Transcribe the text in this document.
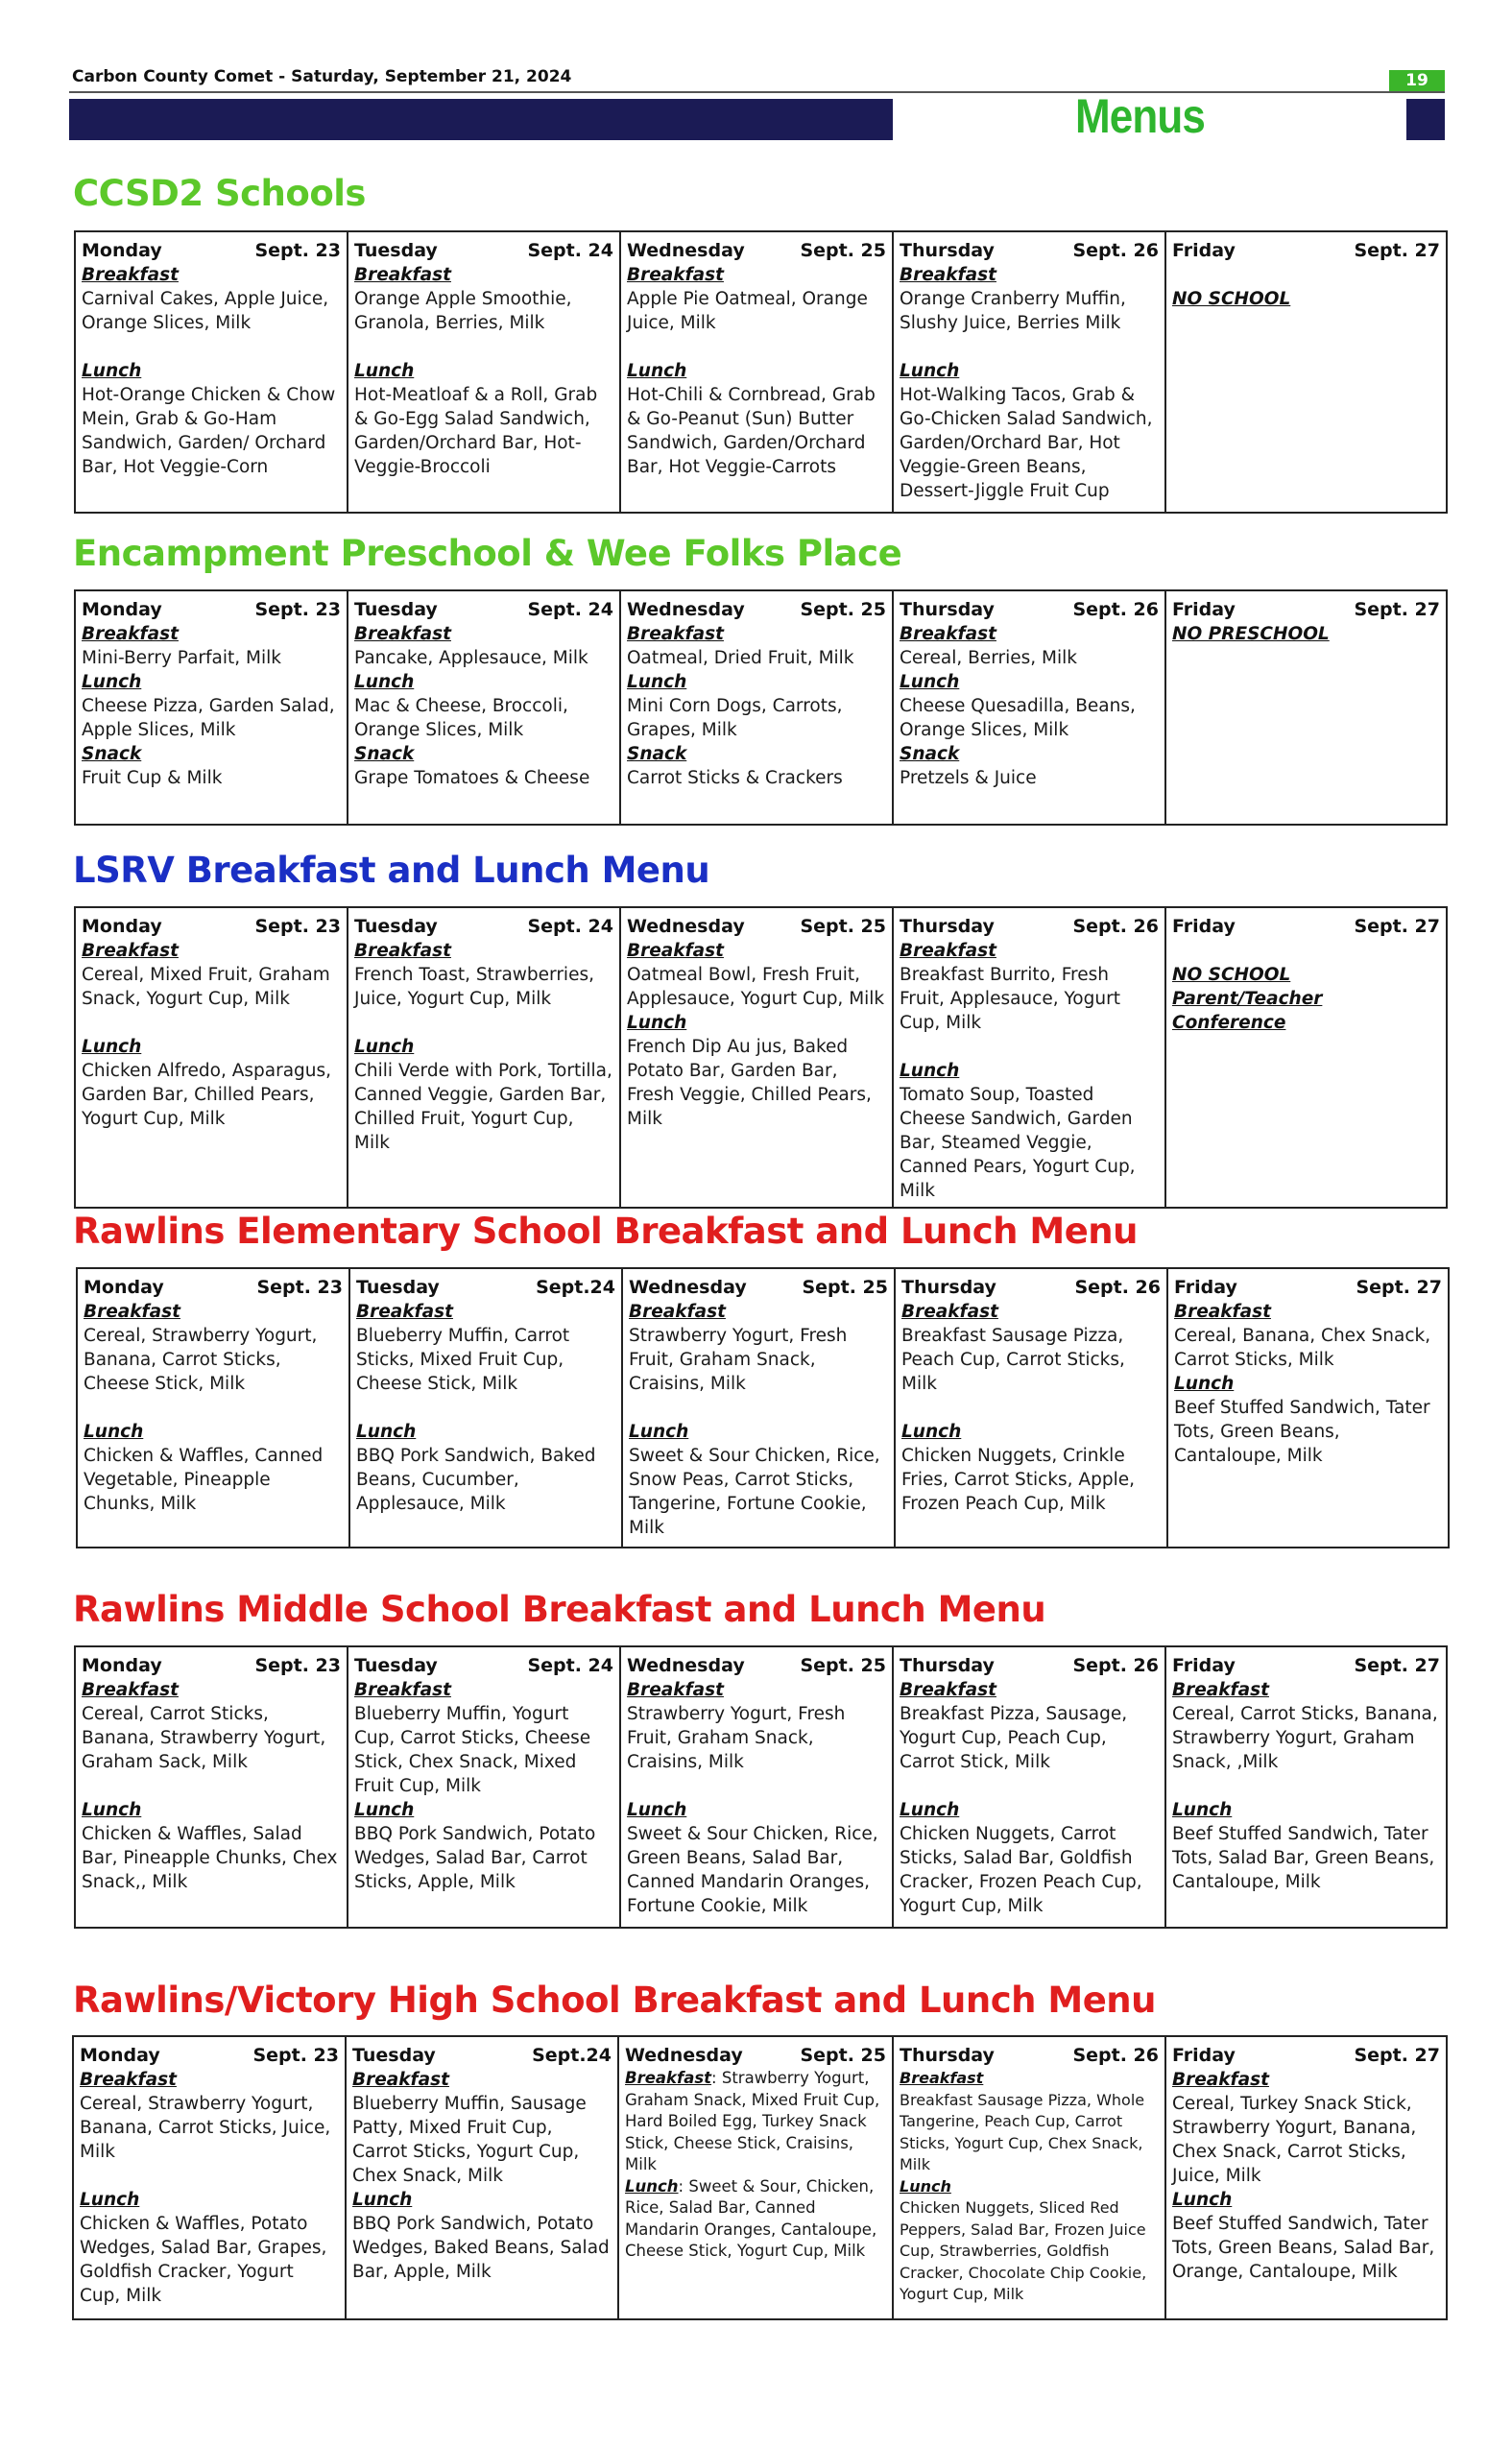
Carbon County Comet - Saturday, September 21, 2024	19
Menus
CCSD2 Schools
Monday	Sept. 23
Breakfast
Carnival Cakes, Apple Juice, Orange Slices, Milk
Lunch
Hot-Orange Chicken & Chow Mein, Grab & Go-Ham Sandwich, Garden/ Orchard Bar, Hot Veggie-Corn

Tuesday	Sept. 24
Breakfast
Orange Apple Smoothie, Granola, Berries, Milk
Lunch
Hot-Meatloaf & a Roll, Grab & Go-Egg Salad Sandwich, Garden/Orchard Bar, Hot-Veggie-Broccoli

Wednesday	Sept. 25
Breakfast
Apple Pie Oatmeal, Orange Juice, Milk
Lunch
Hot-Chili & Cornbread, Grab & Go-Peanut (Sun) Butter Sandwich, Garden/Orchard Bar, Hot Veggie-Carrots

Thursday	Sept. 26
Breakfast
Orange Cranberry Muffin, Slushy Juice, Berries Milk
Lunch
Hot-Walking Tacos, Grab & Go-Chicken Salad Sandwich, Garden/Orchard Bar, Hot Veggie-Green Beans, Dessert-Jiggle Fruit Cup

Friday	Sept. 27
NO SCHOOL
Encampment Preschool & Wee Folks Place
Monday	Sept. 23
Breakfast
Mini-Berry Parfait, Milk
Lunch
Cheese Pizza, Garden Salad, Apple Slices, Milk
Snack
Fruit Cup & Milk

Tuesday	Sept. 24
Breakfast
Pancake, Applesauce, Milk
Lunch
Mac & Cheese, Broccoli, Orange Slices, Milk
Snack
Grape Tomatoes & Cheese

Wednesday	Sept. 25
Breakfast
Oatmeal, Dried Fruit, Milk
Lunch
Mini Corn Dogs, Carrots, Grapes, Milk
Snack
Carrot Sticks & Crackers

Thursday	Sept. 26
Breakfast
Cereal, Berries, Milk
Lunch
Cheese Quesadilla, Beans, Orange Slices, Milk
Snack
Pretzels & Juice

Friday	Sept. 27
NO PRESCHOOL
LSRV Breakfast and Lunch Menu
Monday	Sept. 23
Breakfast
Cereal, Mixed Fruit, Graham Snack, Yogurt Cup, Milk
Lunch
Chicken Alfredo, Asparagus, Garden Bar, Chilled Pears, Yogurt Cup, Milk

Tuesday	Sept. 24
Breakfast
French Toast, Strawberries, Juice, Yogurt Cup, Milk
Lunch
Chili Verde with Pork, Tortilla, Canned Veggie, Garden Bar, Chilled Fruit, Yogurt Cup, Milk

Wednesday	Sept. 25
Breakfast
Oatmeal Bowl, Fresh Fruit, Applesauce, Yogurt Cup, Milk
Lunch
French Dip Au jus, Baked Potato Bar, Garden Bar, Fresh Veggie, Chilled Pears, Milk

Thursday	Sept. 26
Breakfast
Breakfast Burrito, Fresh Fruit, Applesauce, Yogurt Cup, Milk
Lunch
Tomato Soup, Toasted Cheese Sandwich, Garden Bar, Steamed Veggie, Canned Pears, Yogurt Cup, Milk

Friday	Sept. 27
NO SCHOOL
Parent/Teacher Conference
Rawlins Elementary School Breakfast and Lunch Menu
Monday	Sept. 23
Breakfast
Cereal, Strawberry Yogurt, Banana, Carrot Sticks, Cheese Stick, Milk
Lunch
Chicken & Waffles, Canned Vegetable, Pineapple Chunks, Milk

Tuesday	Sept.24
Breakfast
Blueberry Muffin, Carrot Sticks, Mixed Fruit Cup, Cheese Stick, Milk
Lunch
BBQ Pork Sandwich, Baked Beans, Cucumber, Applesauce, Milk

Wednesday	Sept. 25
Breakfast
Strawberry Yogurt, Fresh Fruit, Graham Snack, Craisins, Milk
Lunch
Sweet & Sour Chicken, Rice, Snow Peas, Carrot Sticks, Tangerine, Fortune Cookie, Milk

Thursday	Sept. 26
Breakfast
Breakfast Sausage Pizza, Peach Cup, Carrot Sticks, Milk
Lunch
Chicken Nuggets, Crinkle Fries, Carrot Sticks, Apple, Frozen Peach Cup, Milk

Friday	Sept. 27
Breakfast
Cereal, Banana, Chex Snack, Carrot Sticks, Milk
Lunch
Beef Stuffed Sandwich, Tater Tots, Green Beans, Cantaloupe, Milk
Rawlins Middle School Breakfast and Lunch Menu
Monday	Sept. 23
Breakfast
Cereal, Carrot Sticks, Banana, Strawberry Yogurt, Graham Sack, Milk
Lunch
Chicken & Waffles, Salad Bar, Pineapple Chunks, Chex Snack,, Milk

Tuesday	Sept. 24
Breakfast
Blueberry Muffin, Yogurt Cup, Carrot Sticks, Cheese Stick, Chex Snack, Mixed Fruit Cup, Milk
Lunch
BBQ Pork Sandwich, Potato Wedges, Salad Bar, Carrot Sticks, Apple, Milk

Wednesday	Sept. 25
Breakfast
Strawberry Yogurt, Fresh Fruit, Graham Snack, Craisins, Milk
Lunch
Sweet & Sour Chicken, Rice, Green Beans, Salad Bar, Canned Mandarin Oranges, Fortune Cookie, Milk

Thursday	Sept. 26
Breakfast
Breakfast Pizza, Sausage, Yogurt Cup, Peach Cup, Carrot Stick, Milk
Lunch
Chicken Nuggets, Carrot Sticks, Salad Bar, Goldfish Cracker, Frozen Peach Cup, Yogurt Cup, Milk

Friday	Sept. 27
Breakfast
Cereal, Carrot Sticks, Banana, Strawberry Yogurt, Graham Snack, ,Milk
Lunch
Beef Stuffed Sandwich, Tater Tots, Salad Bar, Green Beans, Cantaloupe, Milk
Rawlins/Victory High School Breakfast and Lunch Menu
Monday	Sept. 23
Breakfast
Cereal, Strawberry Yogurt, Banana, Carrot Sticks, Juice, Milk
Lunch
Chicken & Waffles, Potato Wedges, Salad Bar, Grapes, Goldfish Cracker, Yogurt Cup, Milk

Tuesday	Sept.24
Breakfast
Blueberry Muffin, Sausage Patty, Mixed Fruit Cup, Carrot Sticks, Yogurt Cup, Chex Snack, Milk
Lunch
BBQ Pork Sandwich, Potato Wedges, Baked Beans, Salad Bar, Apple, Milk

Wednesday	Sept. 25
Breakfast: Strawberry Yogurt, Graham Snack, Mixed Fruit Cup, Hard Boiled Egg, Turkey Snack Stick, Cheese Stick, Craisins, Milk
Lunch: Sweet & Sour, Chicken, Rice, Salad Bar, Canned Mandarin Oranges, Cantaloupe, Cheese Stick, Yogurt Cup, Milk

Thursday	Sept. 26
Breakfast
Breakfast Sausage Pizza, Whole Tangerine, Peach Cup, Carrot Sticks, Yogurt Cup, Chex Snack, Milk
Lunch
Chicken Nuggets, Sliced Red Peppers, Salad Bar, Frozen Juice Cup, Strawberries, Goldfish Cracker, Chocolate Chip Cookie, Yogurt Cup, Milk

Friday	Sept. 27
Breakfast
Cereal, Turkey Snack Stick, Strawberry Yogurt, Banana, Chex Snack, Carrot Sticks, Juice, Milk
Lunch
Beef Stuffed Sandwich, Tater Tots, Green Beans, Salad Bar, Orange, Cantaloupe, Milk
